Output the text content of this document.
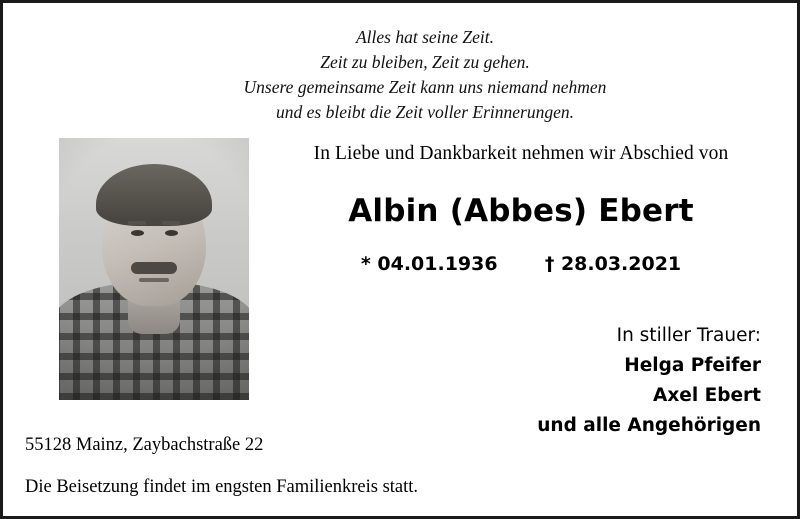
Alles hat seine Zeit.
Zeit zu bleiben, Zeit zu gehen.
Unsere gemeinsame Zeit kann uns niemand nehmen
und es bleibt die Zeit voller Erinnerungen.
In Liebe und Dankbarkeit nehmen wir Abschied von
Albin (Abbes) Ebert
* 04.01.1936 † 28.03.2021
In stiller Trauer:
Helga Pfeifer
Axel Ebert
und alle Angehörigen
55128 Mainz, Zaybachstraße 22
Die Beisetzung findet im engsten Familienkreis statt.
